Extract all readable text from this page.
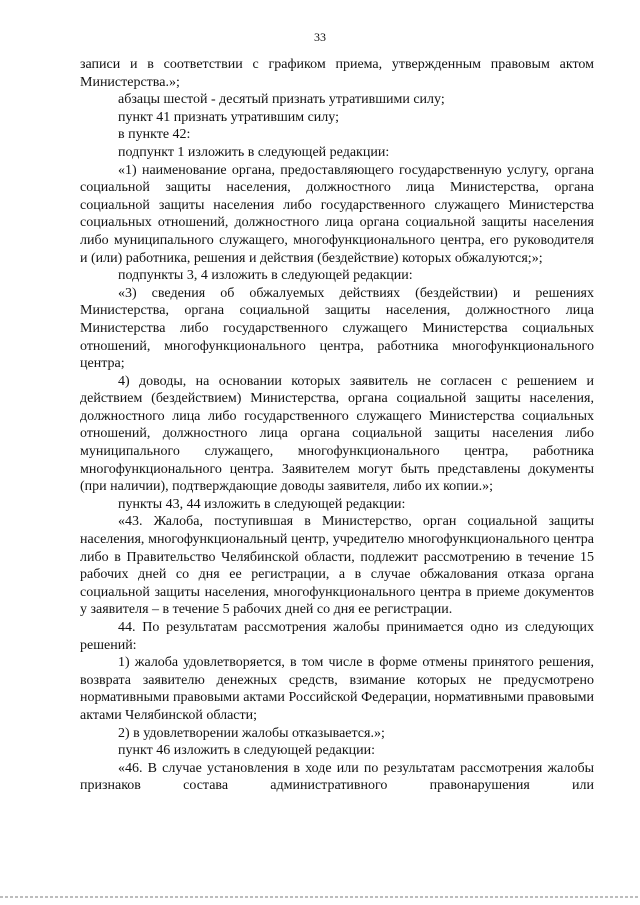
33

записи и в соответствии с графиком приема, утвержденным правовым актом Министерства.»;

абзацы шестой - десятый признать утратившими силу;

пункт 41 признать утратившим силу;

в пункте 42:

подпункт 1 изложить в следующей редакции:

«1) наименование органа, предоставляющего государственную услугу, органа социальной защиты населения, должностного лица Министерства, органа социальной защиты населения либо государственного служащего Министерства социальных отношений, должностного лица органа социальной защиты населения либо муниципального служащего, многофункционального центра, его руководителя и (или) работника, решения и действия (бездействие) которых обжалуются;»;

подпункты 3, 4 изложить в следующей редакции:

«3) сведения об обжалуемых действиях (бездействии) и решениях Министерства, органа социальной защиты населения, должностного лица Министерства либо государственного служащего Министерства социальных отношений, многофункционального центра, работника многофункционального центра;

4) доводы, на основании которых заявитель не согласен с решением и действием (бездействием) Министерства, органа социальной защиты населения, должностного лица либо государственного служащего Министерства социальных отношений, должностного лица органа социальной защиты населения либо муниципального служащего, многофункционального центра, работника многофункционального центра. Заявителем могут быть представлены документы (при наличии), подтверждающие доводы заявителя, либо их копии.»;

пункты 43, 44 изложить в следующей редакции:

«43. Жалоба, поступившая в Министерство, орган социальной защиты населения, многофункциональный центр, учредителю многофункционального центра либо в Правительство Челябинской области, подлежит рассмотрению в течение 15 рабочих дней со дня ее регистрации, а в случае обжалования отказа органа социальной защиты населения, многофункционального центра в приеме документов у заявителя – в течение 5 рабочих дней со дня ее регистрации.

44. По результатам рассмотрения жалобы принимается одно из следующих решений:

1) жалоба удовлетворяется, в том числе в форме отмены принятого решения, возврата заявителю денежных средств, взимание которых не предусмотрено нормативными правовыми актами Российской Федерации, нормативными правовыми актами Челябинской области;

2) в удовлетворении жалобы отказывается.»;

пункт 46 изложить в следующей редакции:

«46. В случае установления в ходе или по результатам рассмотрения жалобы признаков состава административного правонарушения или
